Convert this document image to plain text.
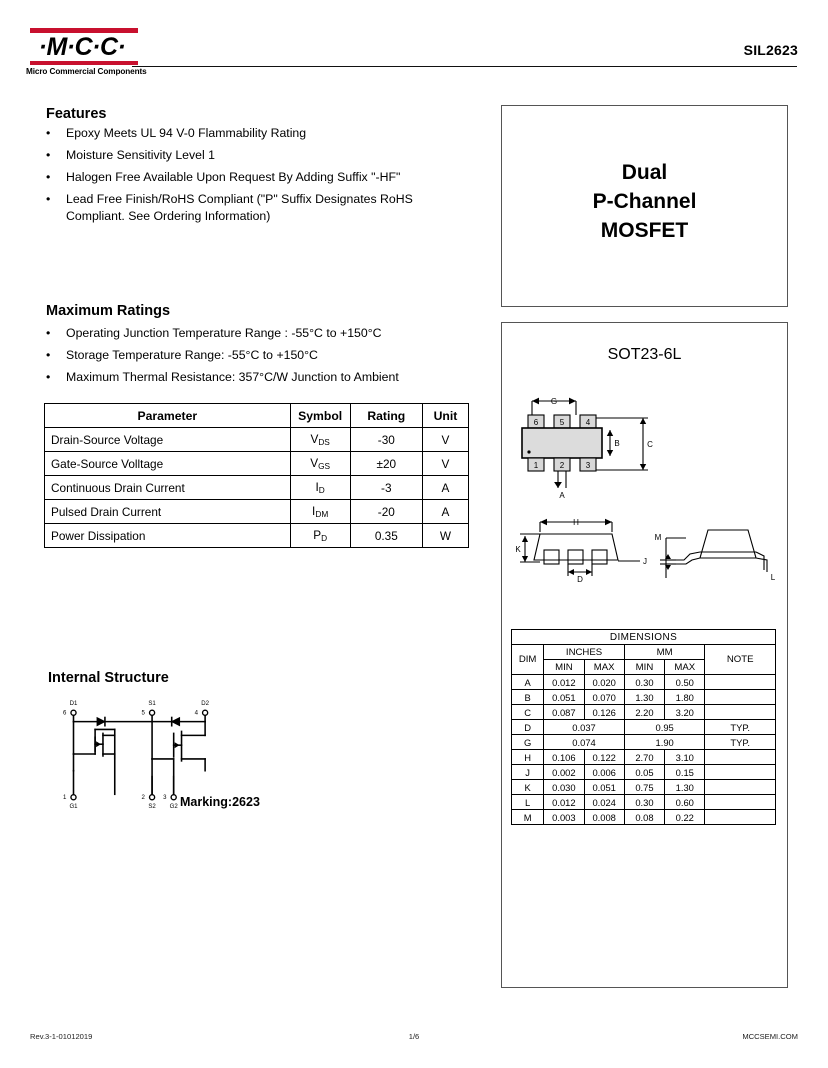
·M·C·C·
Micro Commercial Components
SIL2623
Features
•	Epoxy Meets UL 94 V-0 Flammability Rating
•	Moisture Sensitivity Level 1
•	Halogen Free Available Upon Request By Adding Suffix "-HF"
•	Lead Free Finish/RoHS Compliant ("P" Suffix Designates RoHS Compliant. See Ordering Information)
Maximum Ratings
•	Operating Junction Temperature Range : -55°C to +150°C
•	Storage Temperature Range: -55°C to +150°C
•	Maximum Thermal Resistance: 357°C/W Junction to Ambient
Parameter	Symbol	Rating	Unit
Drain-Source Voltage	$V_{DS}$	-30	V
Gate-Source Volltage	$V_{GS}$	±20	V
Continuous Drain Current	$I_D$	-3	A
Pulsed Drain Current	$I_{DM}$	-20	A
Power Dissipation	$P_D$	0.35	W
Internal Structure
D1	S1	D2
6	5	4
1	2	3
G1	S2 G2 Marking:2623
Dual
P-Channel
MOSFET
SOT23-6L
6	5	4
1	2	3
G
B	C
A
H
K
D
J
M
L
DIMENSIONS					
DIM	INCHES		MM		NOTE
	MIN	MAX	MIN	MAX	
A	0.012	0.020	0.30	0.50	
B	0.051	0.070	1.30	1.80	
C	0.087	0.126	2.20	3.20	
D	0.037		0.95		TYP.
G	0.074		1.90		TYP.
H	0.106	0.122	2.70	3.10	
J	0.002	0.006	0.05	0.15	
K	0.030	0.051	0.75	1.30	
L	0.012	0.024	0.30	0.60	
M	0.003	0.008	0.08	0.22	
Rev.3-1-01012019	1/6	MCCSEMI.COM
